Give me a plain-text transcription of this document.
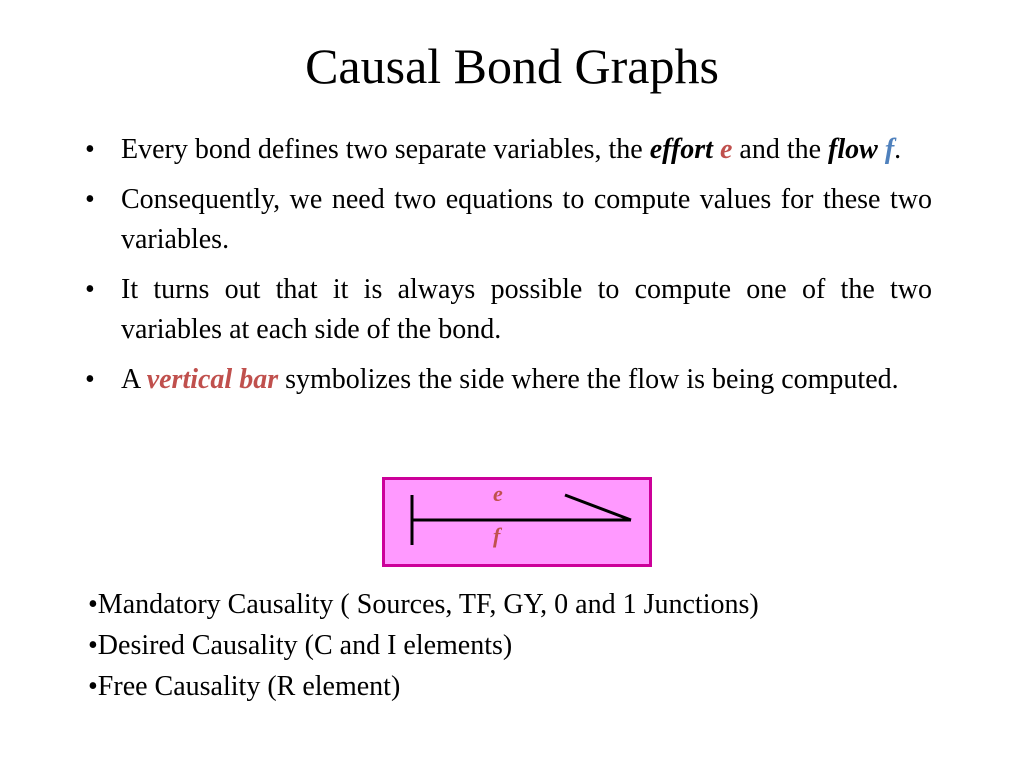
Causal Bond Graphs
• Every bond defines two separate variables, the effort e and the flow f.
• Consequently, we need two equations to compute values for these two variables.
• It turns out that it is always possible to compute one of the two variables at each side of the bond.
• A vertical bar symbolizes the side where the flow is being computed.
e
f
•Mandatory Causality ( Sources, TF, GY, 0 and 1 Junctions)
•Desired Causality (C and I elements)
•Free Causality (R element)
